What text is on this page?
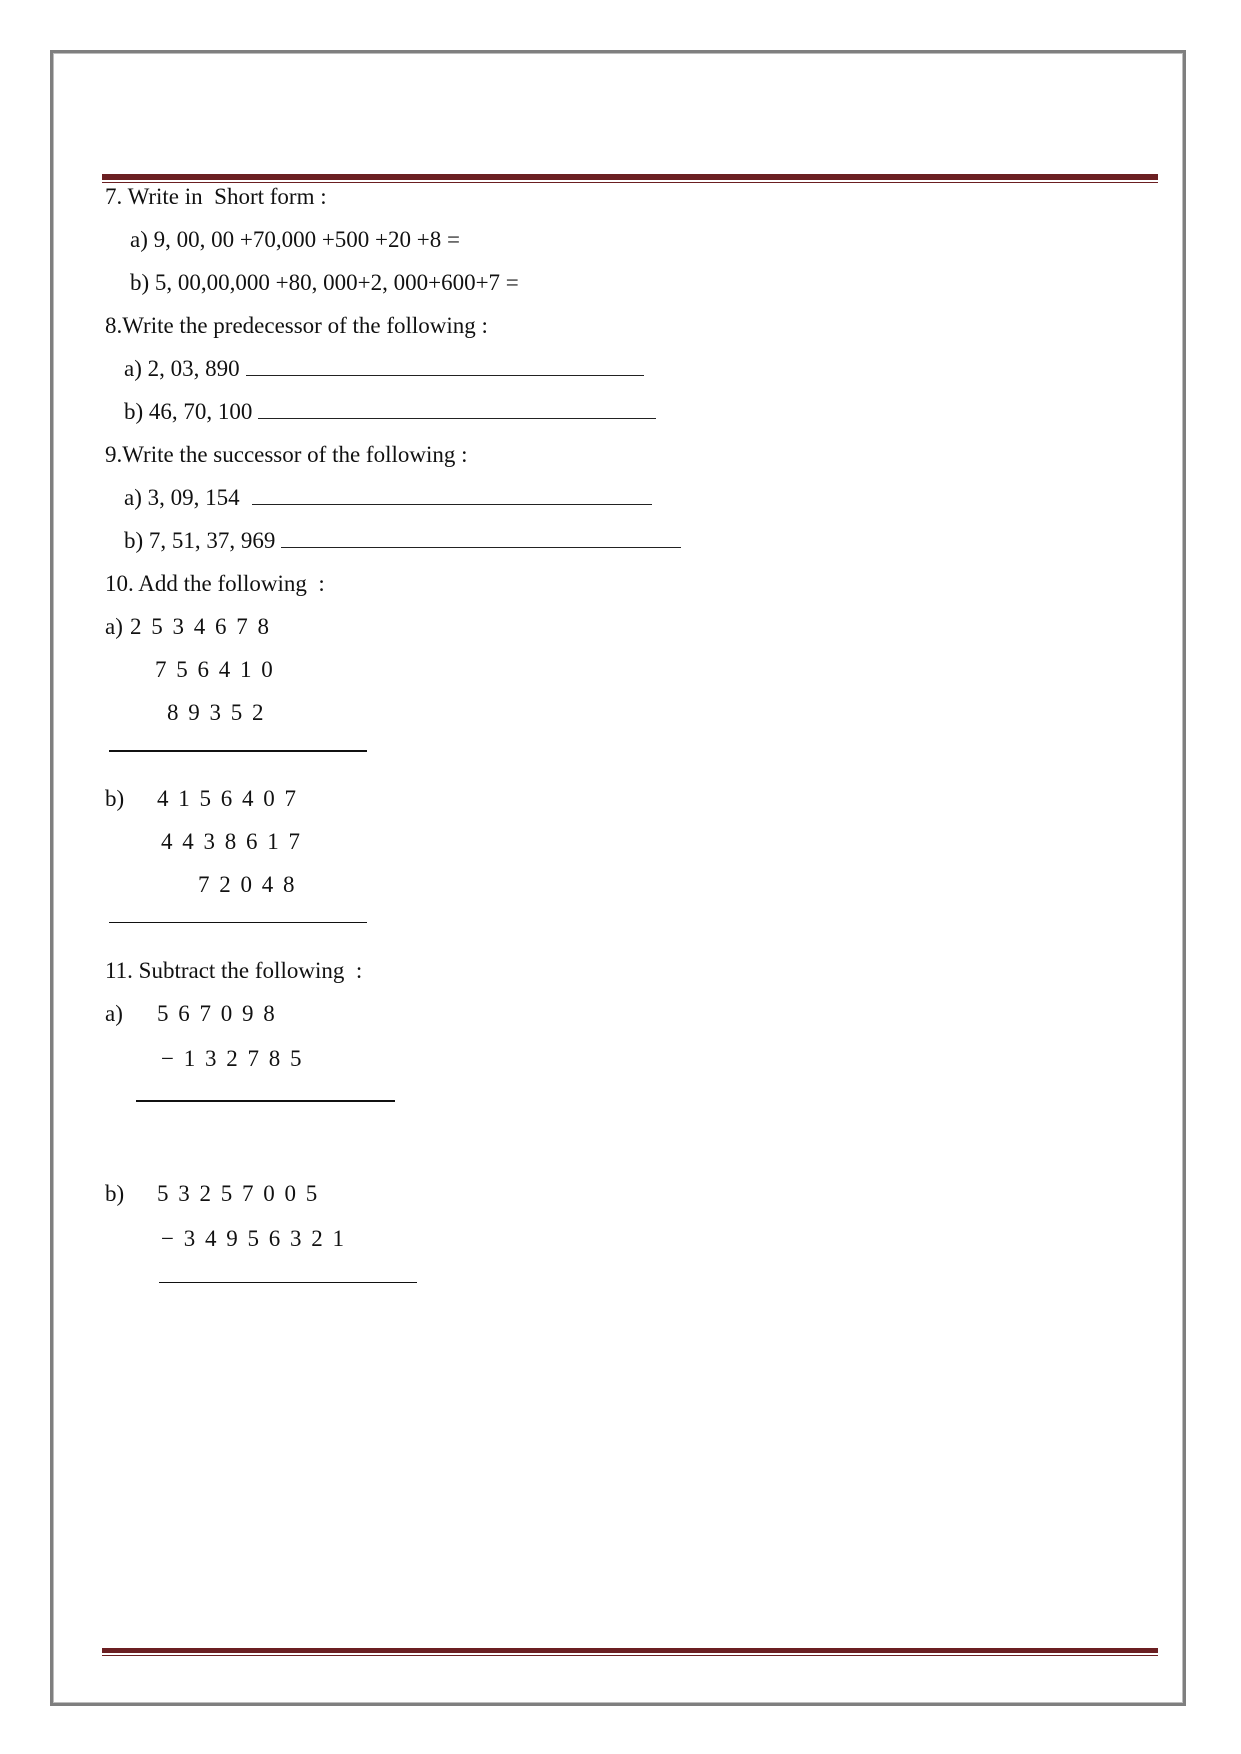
7. Write in  Short form :
a) 9, 00, 00 +70,000 +500 +20 +8 =
b) 5, 00,00,000 +80, 000+2, 000+600+7 =
8.Write the predecessor of the following :
a) 2, 03, 890
b) 46, 70, 100
9.Write the successor of the following :
a) 3, 09, 154
b) 7, 51, 37, 969
10. Add the following  :
a) 2 5 3 4 6 7 8
7 5 6 4 1 0
8 9 3 5 2
b) 4 1 5 6 4 0 7
4 4 3 8 6 1 7
7 2 0 4 8
11. Subtract the following  :
a) 5 6 7 0 9 8
− 1 3 2 7 8 5
b) 5 3 2 5 7 0 0 5
− 3 4 9 5 6 3 2 1
